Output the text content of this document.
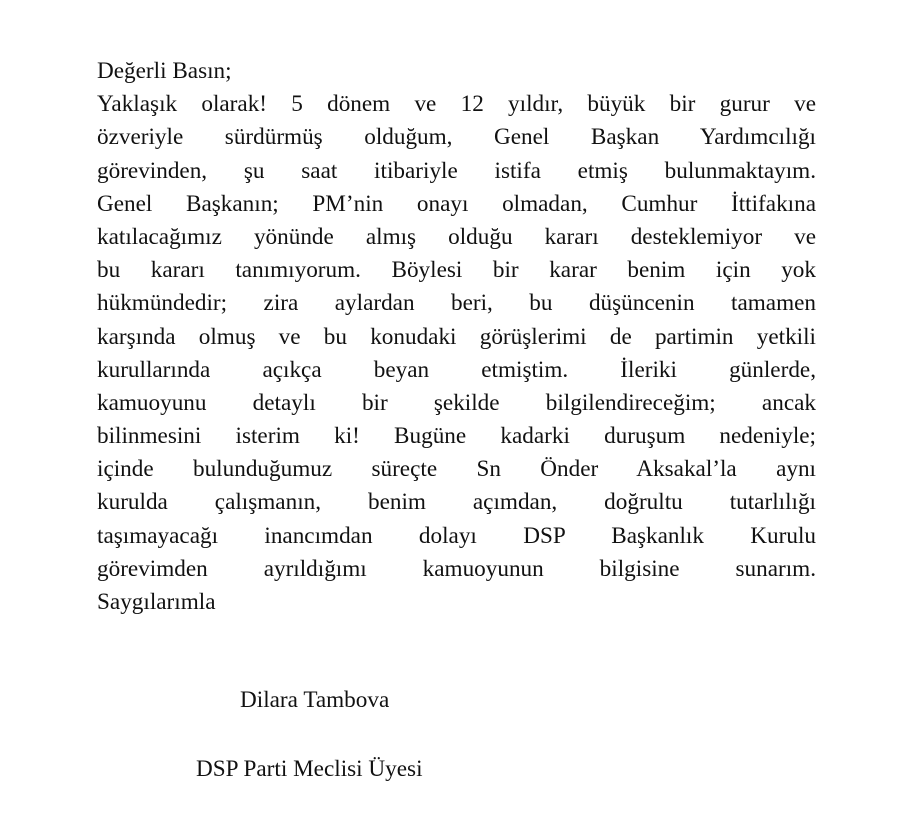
Değerli Basın;
Yaklaşık olarak! 5 dönem ve 12 yıldır, büyük bir gurur ve
özveriyle sürdürmüş olduğum, Genel Başkan Yardımcılığı
görevinden, şu saat itibariyle istifa etmiş bulunmaktayım.
Genel Başkanın; PM’nin onayı olmadan, Cumhur İttifakına
katılacağımız yönünde almış olduğu kararı desteklemiyor ve
bu kararı tanımıyorum. Böylesi bir karar benim için yok
hükmündedir; zira aylardan beri, bu düşüncenin tamamen
karşında olmuş ve bu konudaki görüşlerimi de partimin yetkili
kurullarında açıkça beyan etmiştim. İleriki günlerde,
kamuoyunu detaylı bir şekilde bilgilendireceğim; ancak
bilinmesini isterim ki! Bugüne kadarki duruşum nedeniyle;
içinde bulunduğumuz süreçte Sn Önder Aksakal’la aynı
kurulda çalışmanın, benim açımdan, doğrultu tutarlılığı
taşımayacağı inancımdan dolayı DSP Başkanlık Kurulu
görevimden ayrıldığımı kamuoyunun bilgisine sunarım.
Saygılarımla
Dilara Tambova
DSP Parti Meclisi Üyesi
